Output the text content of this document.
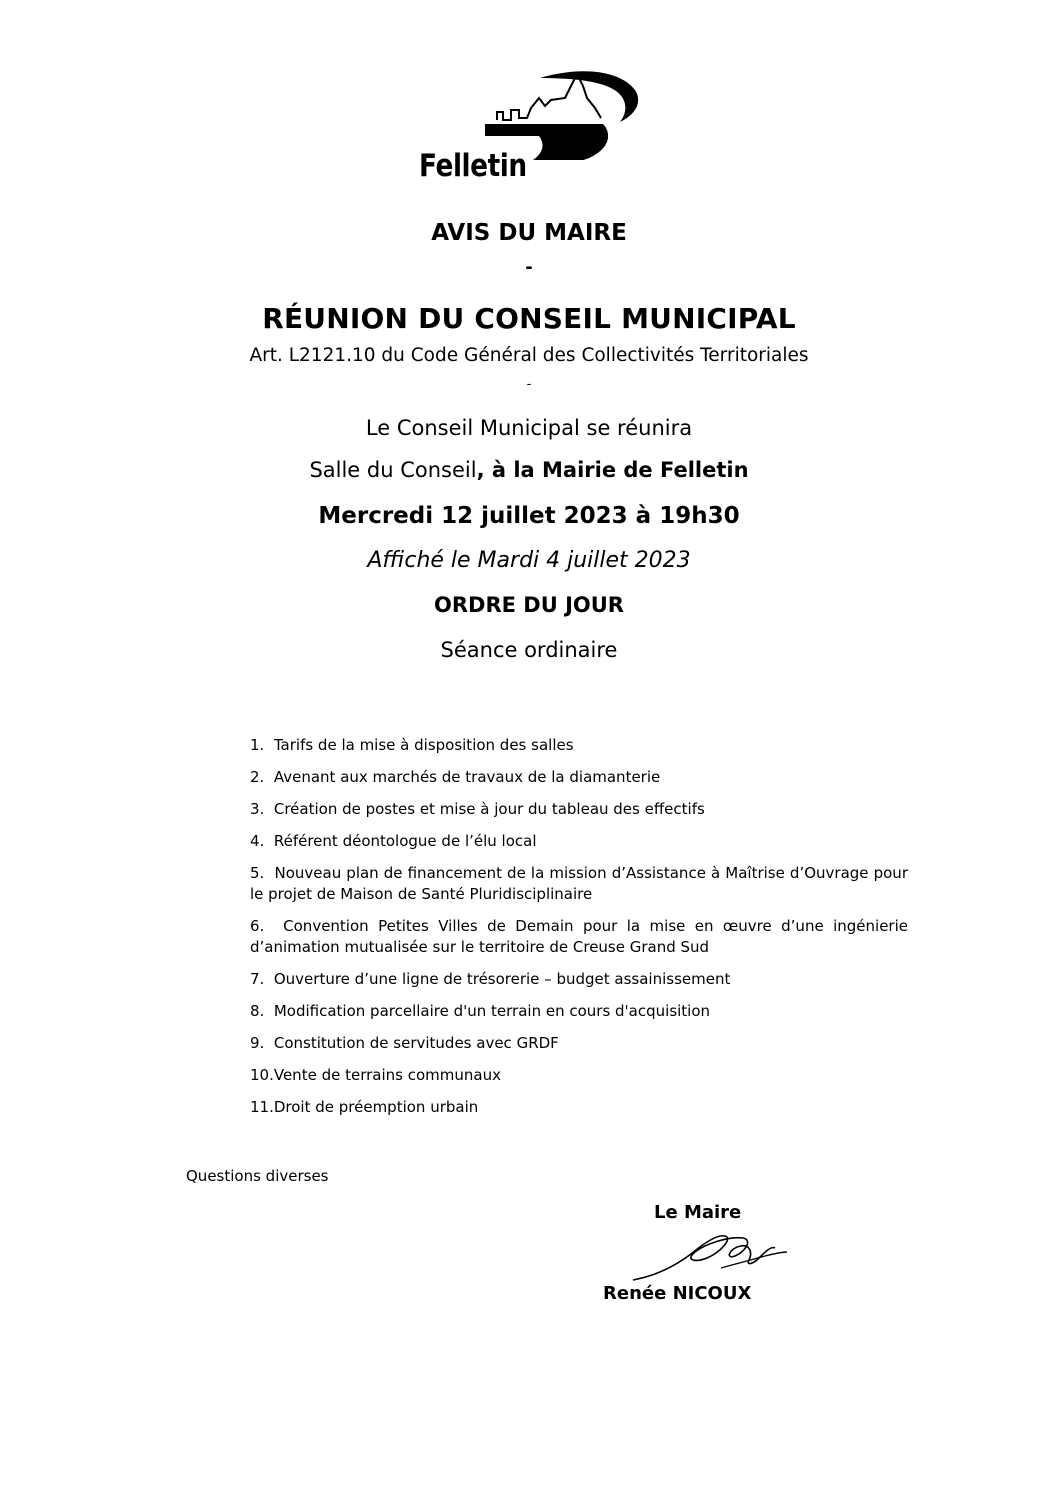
Felletin
AVIS DU MAIRE
-
RÉUNION DU CONSEIL MUNICIPAL
Art. L2121.10 du Code Général des Collectivités Territoriales
-
Le Conseil Municipal se réunira
Salle du Conseil, à la Mairie de Felletin
Mercredi 12 juillet 2023 à 19h30
Affiché le Mardi 4 juillet 2023
ORDRE DU JOUR
Séance ordinaire
1. Tarifs de la mise à disposition des salles
2. Avenant aux marchés de travaux de la diamanterie
3. Création de postes et mise à jour du tableau des effectifs
4. Référent déontologue de l’élu local
5. Nouveau plan de financement de la mission d’Assistance à Maîtrise d’Ouvrage pour le projet de Maison de Santé Pluridisciplinaire
6. Convention Petites Villes de Demain pour la mise en œuvre d’une ingénierie d’animation mutualisée sur le territoire de Creuse Grand Sud
7. Ouverture d’une ligne de trésorerie – budget assainissement
8. Modification parcellaire d'un terrain en cours d'acquisition
9. Constitution de servitudes avec GRDF
10.Vente de terrains communaux
11.Droit de préemption urbain
Questions diverses
Le Maire
Renée NICOUX
